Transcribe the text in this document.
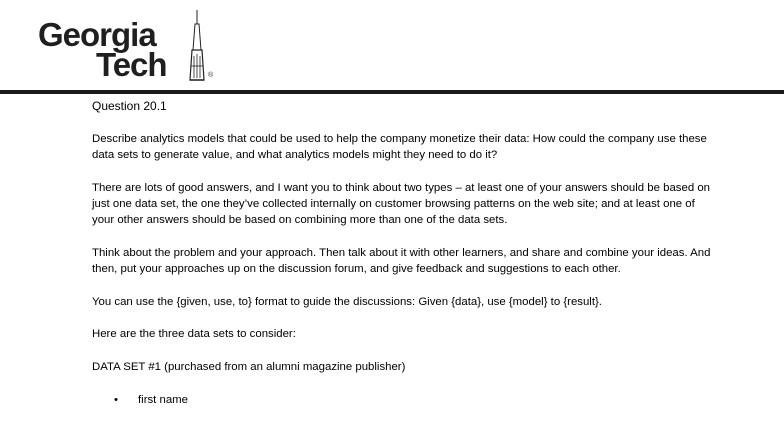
Georgia
Tech	®

Question 20.1

Describe analytics models that could be used to help the company monetize their data: How could the company use these data sets to generate value, and what analytics models might they need to do it?

There are lots of good answers, and I want you to think about two types – at least one of your answers should be based on just one data set, the one they’ve collected internally on customer browsing patterns on the web site; and at least one of your other answers should be based on combining more than one of the data sets.

Think about the problem and your approach. Then talk about it with other learners, and share and combine your ideas. And then, put your approaches up on the discussion forum, and give feedback and suggestions to each other.

You can use the {given, use, to} format to guide the discussions: Given {data}, use {model} to {result}.

Here are the three data sets to consider:

DATA SET #1 (purchased from an alumni magazine publisher)

• first name
